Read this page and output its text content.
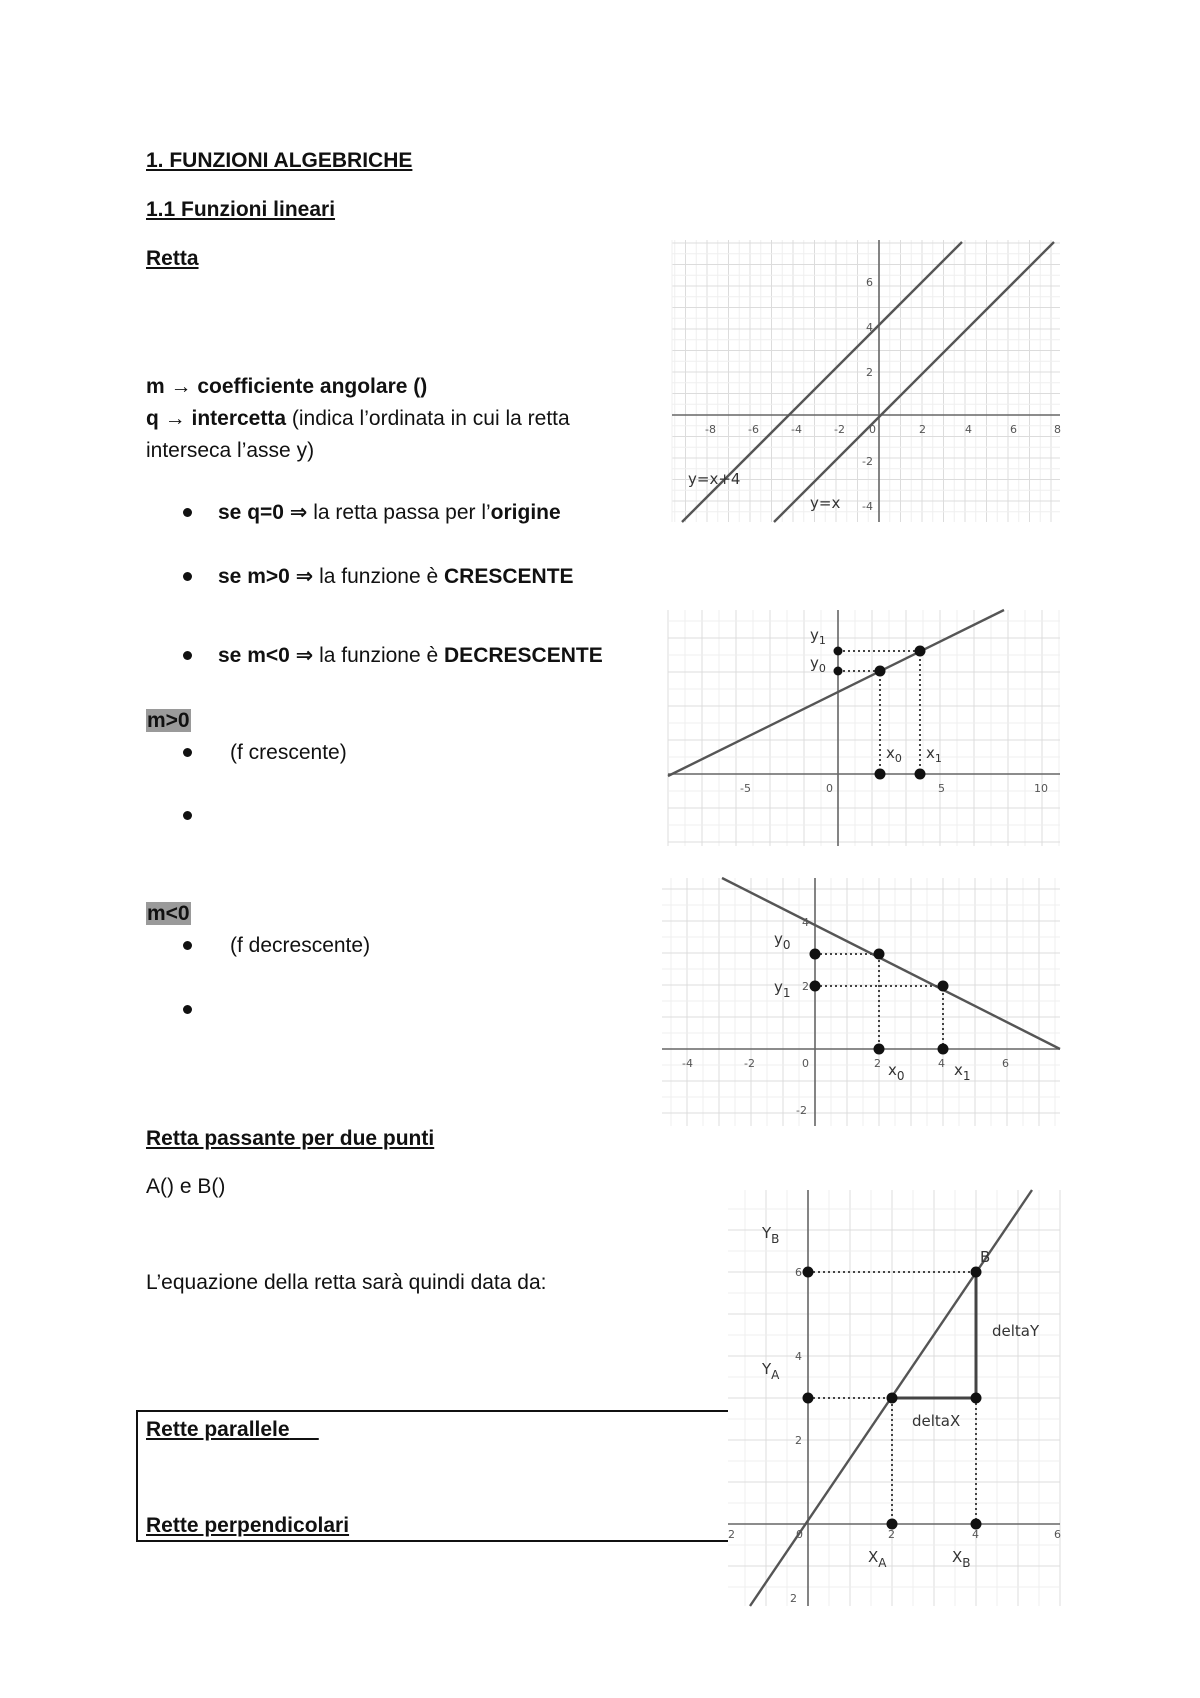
1. FUNZIONI ALGEBRICHE
1.1 Funzioni lineari
Retta
m → coefficiente angolare ()
q → intercetta (indica l’ordinata in cui la retta
interseca l’asse y)
se q=0 ⇒ la retta passa per l’origine
se m>0 ⇒ la funzione è CRESCENTE
se m<0 ⇒ la funzione è DECRESCENTE
m>0
(f crescente)
m<0
(f decrescente)
Retta passante per due punti
A() e B()
L’equazione della retta sarà quindi data da:
Rette parallele
Rette perpendicolari
-8	-6	-4	-2 0	2	4	6	8
6
4
2
-2
-4
y=x+4
y=x
-5	0	5	10
$y_1$
$y_0$
$x_0$ $x_1$
-4	-2	0	2	4	6
4
2
-2
$y_0$
$y_1$
$x_0$	$x_1$
2	0	2	4	6
6
4
2
2
$Y_B$
$Y_A$
$X_A$	$X_B$
B
deltaY
deltaX
